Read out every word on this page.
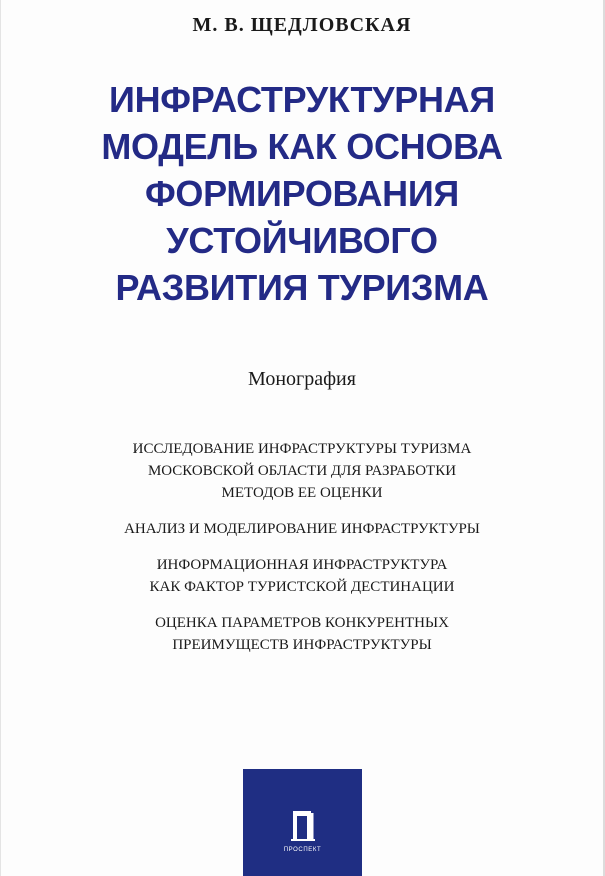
М. В. ЩЕДЛОВСКАЯ
ИНФРАСТРУКТУРНАЯ
МОДЕЛЬ КАК ОСНОВА
ФОРМИРОВАНИЯ
УСТОЙЧИВОГО
РАЗВИТИЯ ТУРИЗМА
Монография
ИССЛЕДОВАНИЕ ИНФРАСТРУКТУРЫ ТУРИЗМА
МОСКОВСКОЙ ОБЛАСТИ ДЛЯ РАЗРАБОТКИ
МЕТОДОВ ЕЕ ОЦЕНКИ
АНАЛИЗ И МОДЕЛИРОВАНИЕ ИНФРАСТРУКТУРЫ
ИНФОРМАЦИОННАЯ ИНФРАСТРУКТУРА
КАК ФАКТОР ТУРИСТСКОЙ ДЕСТИНАЦИИ
ОЦЕНКА ПАРАМЕТРОВ КОНКУРЕНТНЫХ
ПРЕИМУЩЕСТВ ИНФРАСТРУКТУРЫ
ПРОСПЕКТ
